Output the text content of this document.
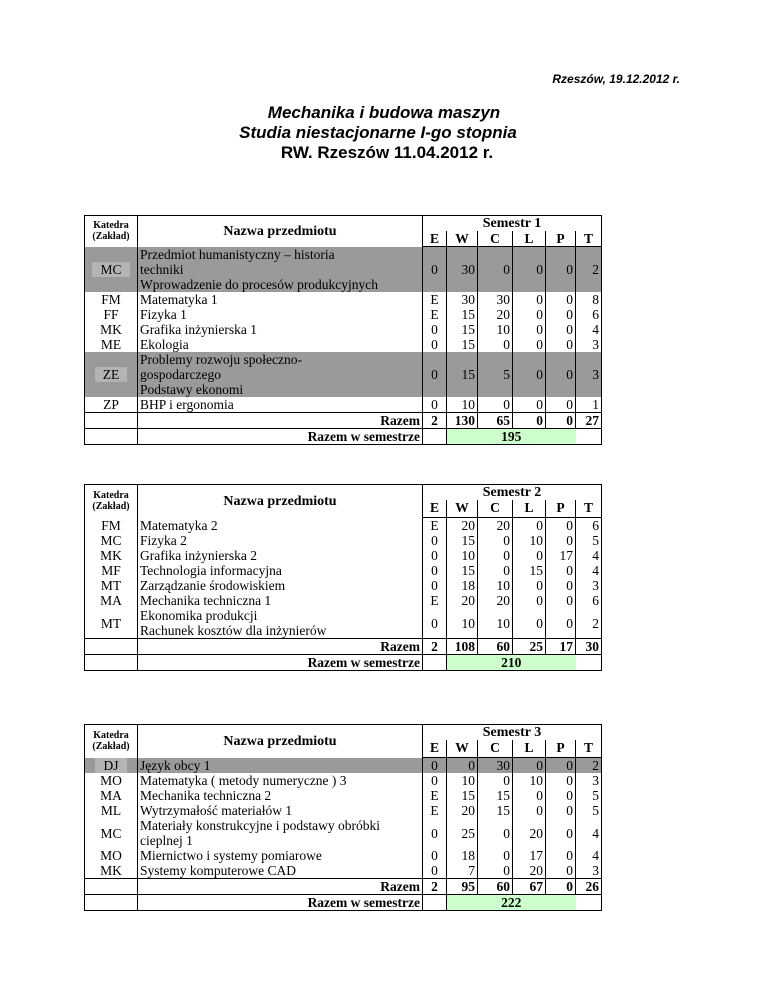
Rzeszów, 19.12.2012 r.
Mechanika i budowa maszyn
Studia niestacjonarne I-go stopnia
RW. Rzeszów 11.04.2012 r.
Katedra
(Zakład)	Nazwa przedmiotu	Semestr 1					
		E	W	C	L	P	T
MC	Przedmiot humanistyczny – historia
techniki
Wprowadzenie do procesów produkcyjnych	0	30	0	0	0	2
FM	Matematyka 1	E	30	30	0	0	8
FF	Fizyka 1	E	15	20	0	0	6
MK	Grafika inżynierska 1	0	15	10	0	0	4
ME	Ekologia	0	15	0	0	0	3
ZE	Problemy rozwoju społeczno-
gospodarczego
Podstawy ekonomi	0	15	5	0	0	3
ZP	BHP i ergonomia	0	10	0	0	0	1
	Razem	2	130	65	0	0	27
	Razem w semestrze		195				
Katedra
(Zakład)	Nazwa przedmiotu	Semestr 2					
		E	W	C	L	P	T

FM	Matematyka 2	E	20	20	0	0	6
MC	Fizyka 2	0	15	0	10	0	5
MK	Grafika inżynierska 2	0	10	0	0	17	4
MF	Technologia informacyjna	0	15	0	15	0	4
MT	Zarządzanie środowiskiem	0	18	10	0	0	3
MA	Mechanika techniczna 1	E	20	20	0	0	6
MT	Ekonomika produkcji
Rachunek kosztów dla inżynierów	0	10	10	0	0	2
	Razem	2	108	60	25	17	30
	Razem w semestrze		210				
Katedra
(Zakład)	Nazwa przedmiotu	Semestr 3					
		E	W	C	L	P	T

DJ	Język obcy 1	0	0	30	0	0	2
MO	Matematyka ( metody numeryczne ) 3	0	10	0	10	0	3
MA	Mechanika techniczna 2	E	15	15	0	0	5
ML	Wytrzymałość materiałów 1	E	20	15	0	0	5
MC	Materiały konstrukcyjne i podstawy obróbki
cieplnej 1	0	25	0	20	0	4
MO	Miernictwo i systemy pomiarowe	0	18	0	17	0	4
MK	Systemy komputerowe CAD	0	7	0	20	0	3
	Razem	2	95	60	67	0	26
	Razem w semestrze		222				
